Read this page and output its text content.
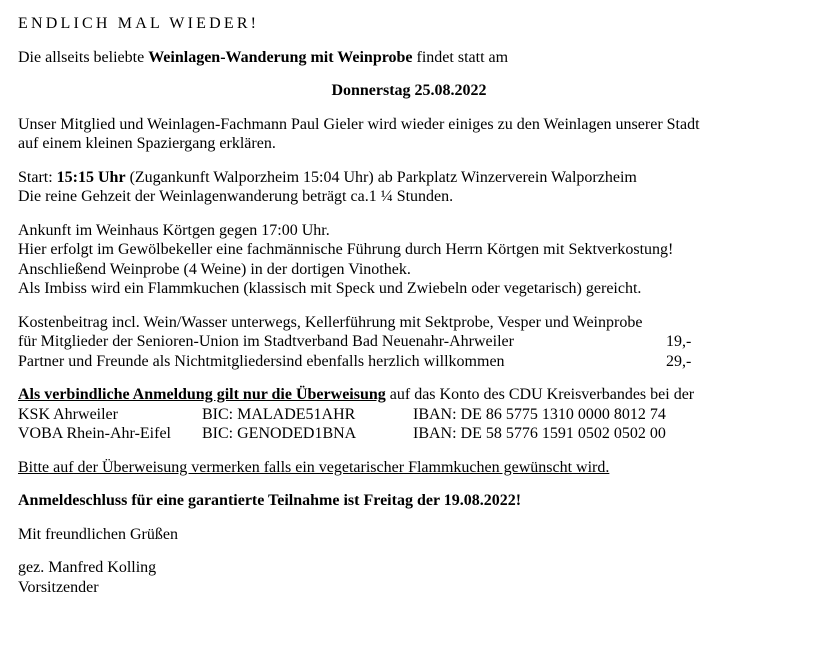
ENDLICH MAL WIEDER!

Die allseits beliebte Weinlagen-Wanderung mit Weinprobe findet statt am

Donnerstag 25.08.2022

Unser Mitglied und Weinlagen-Fachmann Paul Gieler wird wieder einiges zu den Weinlagen unserer Stadt
auf einem kleinen Spaziergang erklären.

Start: 15:15 Uhr (Zugankunft Walporzheim 15:04 Uhr) ab Parkplatz Winzerverein Walporzheim
Die reine Gehzeit der Weinlagenwanderung beträgt ca.1 ¼ Stunden.

Ankunft im Weinhaus Körtgen gegen 17:00 Uhr.
Hier erfolgt im Gewölbekeller eine fachmännische Führung durch Herrn Körtgen mit Sektverkostung!
Anschließend Weinprobe (4 Weine) in der dortigen Vinothek.
Als Imbiss wird ein Flammkuchen (klassisch mit Speck und Zwiebeln oder vegetarisch) gereicht.

Kostenbeitrag incl. Wein/Wasser unterwegs, Kellerführung mit Sektprobe, Vesper und Weinprobe

für Mitglieder der Senioren-Union im Stadtverband Bad Neuenahr-Ahrweiler	19,-
Partner und Freunde als Nichtmitgliedersind ebenfalls herzlich willkommen	29,-

Als verbindliche Anmeldung gilt nur die Überweisung auf das Konto des CDU Kreisverbandes bei der

KSK Ahrweiler	BIC: MALADE51AHR	IBAN: DE 86 5775 1310 0000 8012 74
VOBA Rhein-Ahr-Eifel	BIC: GENODED1BNA	IBAN: DE 58 5776 1591 0502 0502 00

Bitte auf der Überweisung vermerken falls ein vegetarischer Flammkuchen gewünscht wird.

Anmeldeschluss für eine garantierte Teilnahme ist Freitag der 19.08.2022!

Mit freundlichen Grüßen

gez. Manfred Kolling
Vorsitzender
